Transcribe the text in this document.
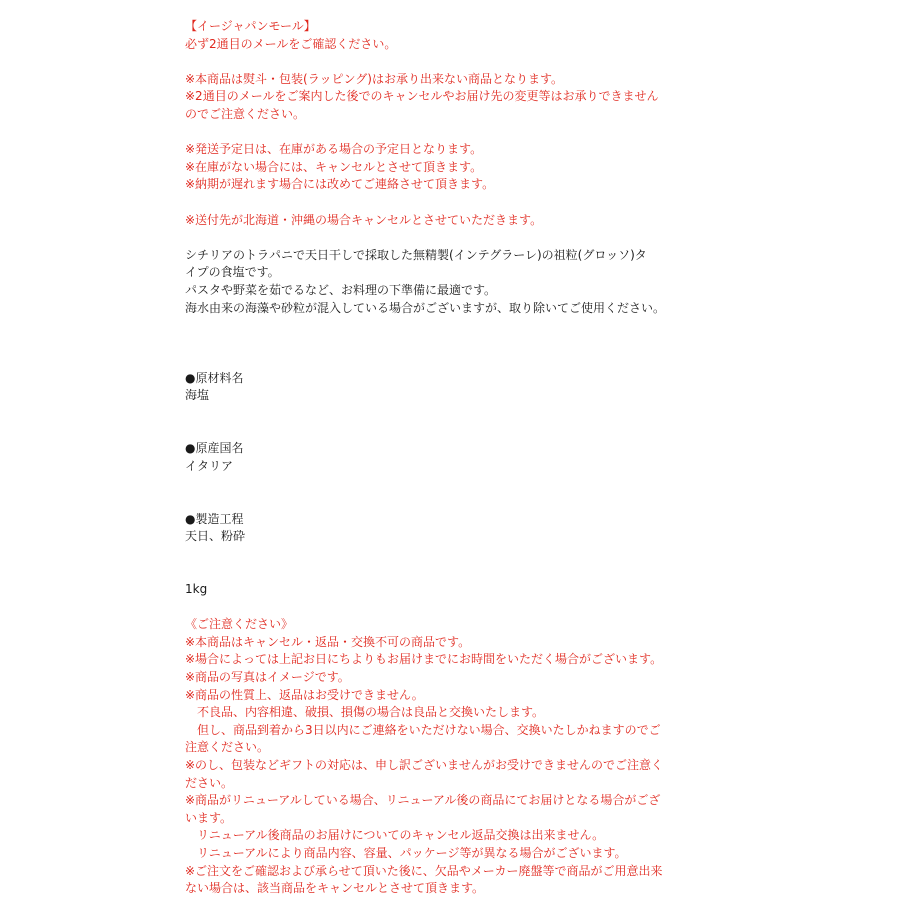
【イージャパンモール】
必ず2通目のメールをご確認ください。
※本商品は熨斗・包装(ラッピング)はお承り出来ない商品となります。
※2通目のメールをご案内した後でのキャンセルやお届け先の変更等はお承りできません
のでご注意ください。
※発送予定日は、在庫がある場合の予定日となります。
※在庫がない場合には、キャンセルとさせて頂きます。
※納期が遅れます場合には改めてご連絡させて頂きます。
※送付先が北海道・沖縄の場合キャンセルとさせていただきます。
シチリアのトラパニで天日干しで採取した無精製(インテグラーレ)の祖粒(グロッソ)タ
イプの食塩です。
パスタや野菜を茹でるなど、お料理の下準備に最適です。
海水由来の海藻や砂粒が混入している場合がございますが、取り除いてご使用ください。
●原材料名
海塩
●原産国名
イタリア
●製造工程
天日、粉砕
1kg
《ご注意ください》
※本商品はキャンセル・返品・交換不可の商品です。
※場合によっては上記お日にちよりもお届けまでにお時間をいただく場合がございます。
※商品の写真はイメージです。
※商品の性質上、返品はお受けできません。
　不良品、内容相違、破損、損傷の場合は良品と交換いたします。
　但し、商品到着から3日以内にご連絡をいただけない場合、交換いたしかねますのでご
注意ください。
※のし、包装などギフトの対応は、申し訳ございませんがお受けできませんのでご注意く
ださい。
※商品がリニューアルしている場合、リニューアル後の商品にてお届けとなる場合がござ
います。
　リニューアル後商品のお届けについてのキャンセル返品交換は出来ません。
　リニューアルにより商品内容、容量、パッケージ等が異なる場合がございます。
※ご注文をご確認および承らせて頂いた後に、欠品やメーカー廃盤等で商品がご用意出来
ない場合は、該当商品をキャンセルとさせて頂きます。
